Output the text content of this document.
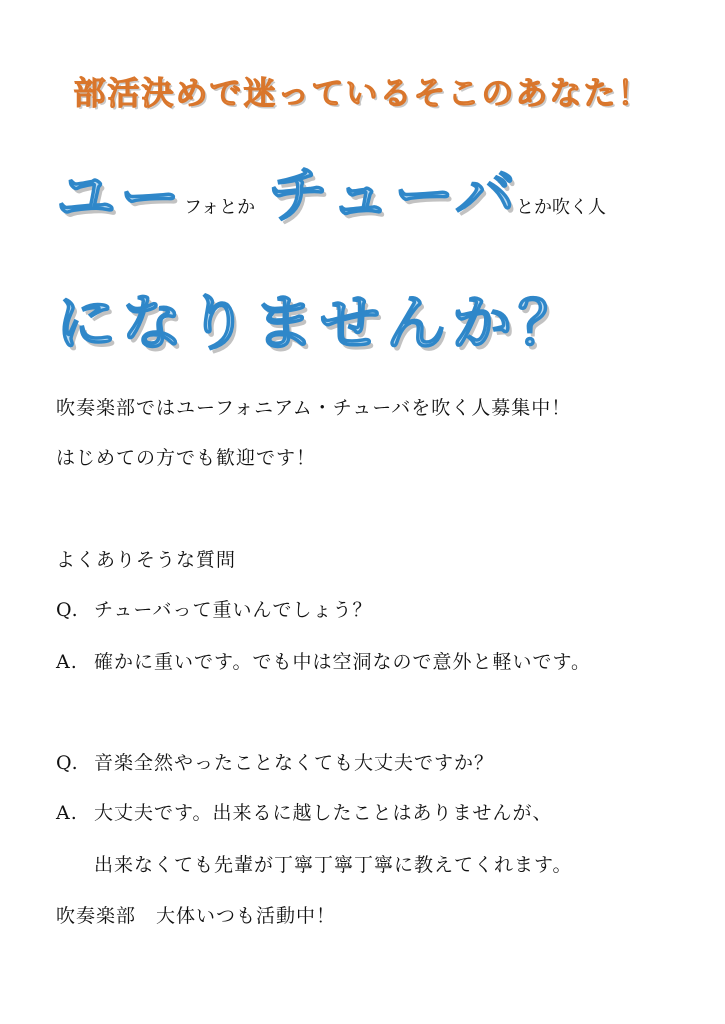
部活決めで迷っているそこのあなた！
ユー フォとか チューバ
とか吹く人
になりませんか？
吹奏楽部ではユーフォニアム・チューバを吹く人募集中！
はじめての方でも歓迎です！
よくありそうな質問
Q. チューバって重いんでしょう？
A. 確かに重いです。でも中は空洞なので意外と軽いです。
Q. 音楽全然やったことなくても大丈夫ですか？
A. 大丈夫です。出来るに越したことはありませんが、
出来なくても先輩が丁寧丁寧丁寧に教えてくれます。
吹奏楽部　大体いつも活動中！
